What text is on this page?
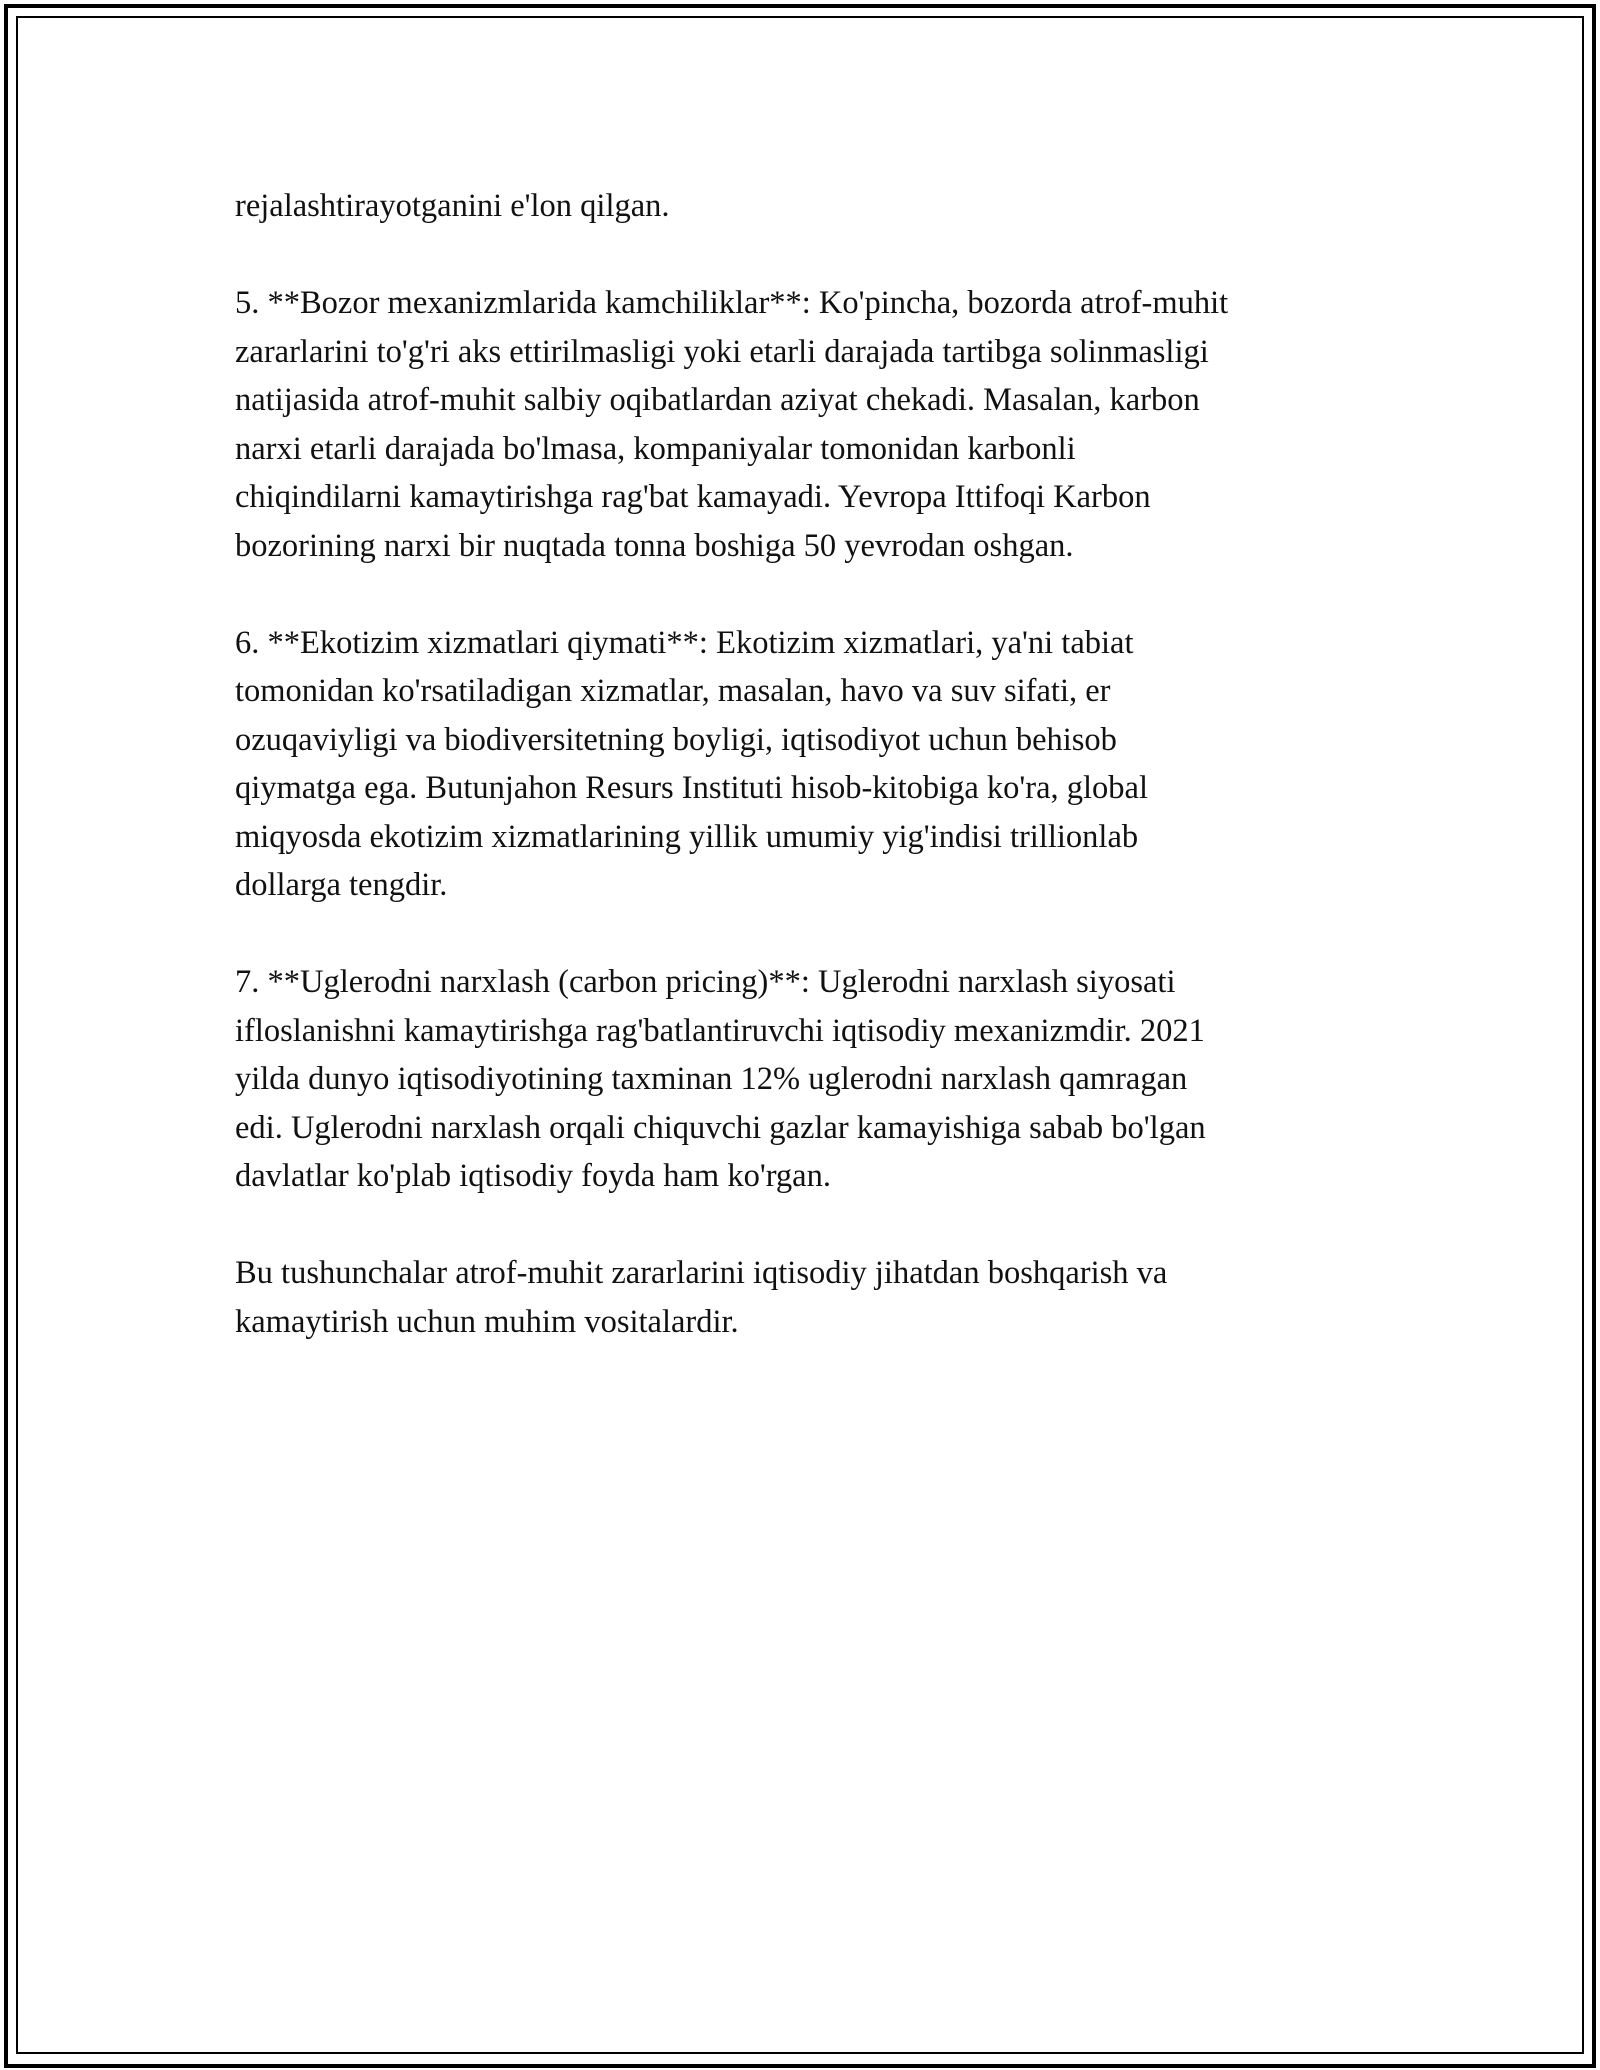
rejalashtirayotganini e'lon qilgan.

5. **Bozor mexanizmlarida kamchiliklar**: Ko'pincha, bozorda atrof-muhit
zararlarini to'g'ri aks ettirilmasligi yoki etarli darajada tartibga solinmasligi
natijasida atrof-muhit salbiy oqibatlardan aziyat chekadi. Masalan, karbon
narxi etarli darajada bo'lmasa, kompaniyalar tomonidan karbonli
chiqindilarni kamaytirishga rag'bat kamayadi. Yevropa Ittifoqi Karbon
bozorining narxi bir nuqtada tonna boshiga 50 yevrodan oshgan.

6. **Ekotizim xizmatlari qiymati**: Ekotizim xizmatlari, ya'ni tabiat
tomonidan ko'rsatiladigan xizmatlar, masalan, havo va suv sifati, er
ozuqaviyligi va biodiversitetning boyligi, iqtisodiyot uchun behisob
qiymatga ega. Butunjahon Resurs Instituti hisob-kitobiga ko'ra, global
miqyosda ekotizim xizmatlarining yillik umumiy yig'indisi trillionlab
dollarga tengdir.

7. **Uglerodni narxlash (carbon pricing)**: Uglerodni narxlash siyosati
ifloslanishni kamaytirishga rag'batlantiruvchi iqtisodiy mexanizmdir. 2021
yilda dunyo iqtisodiyotining taxminan 12% uglerodni narxlash qamragan
edi. Uglerodni narxlash orqali chiquvchi gazlar kamayishiga sabab bo'lgan
davlatlar ko'plab iqtisodiy foyda ham ko'rgan.

Bu tushunchalar atrof-muhit zararlarini iqtisodiy jihatdan boshqarish va
kamaytirish uchun muhim vositalardir.
